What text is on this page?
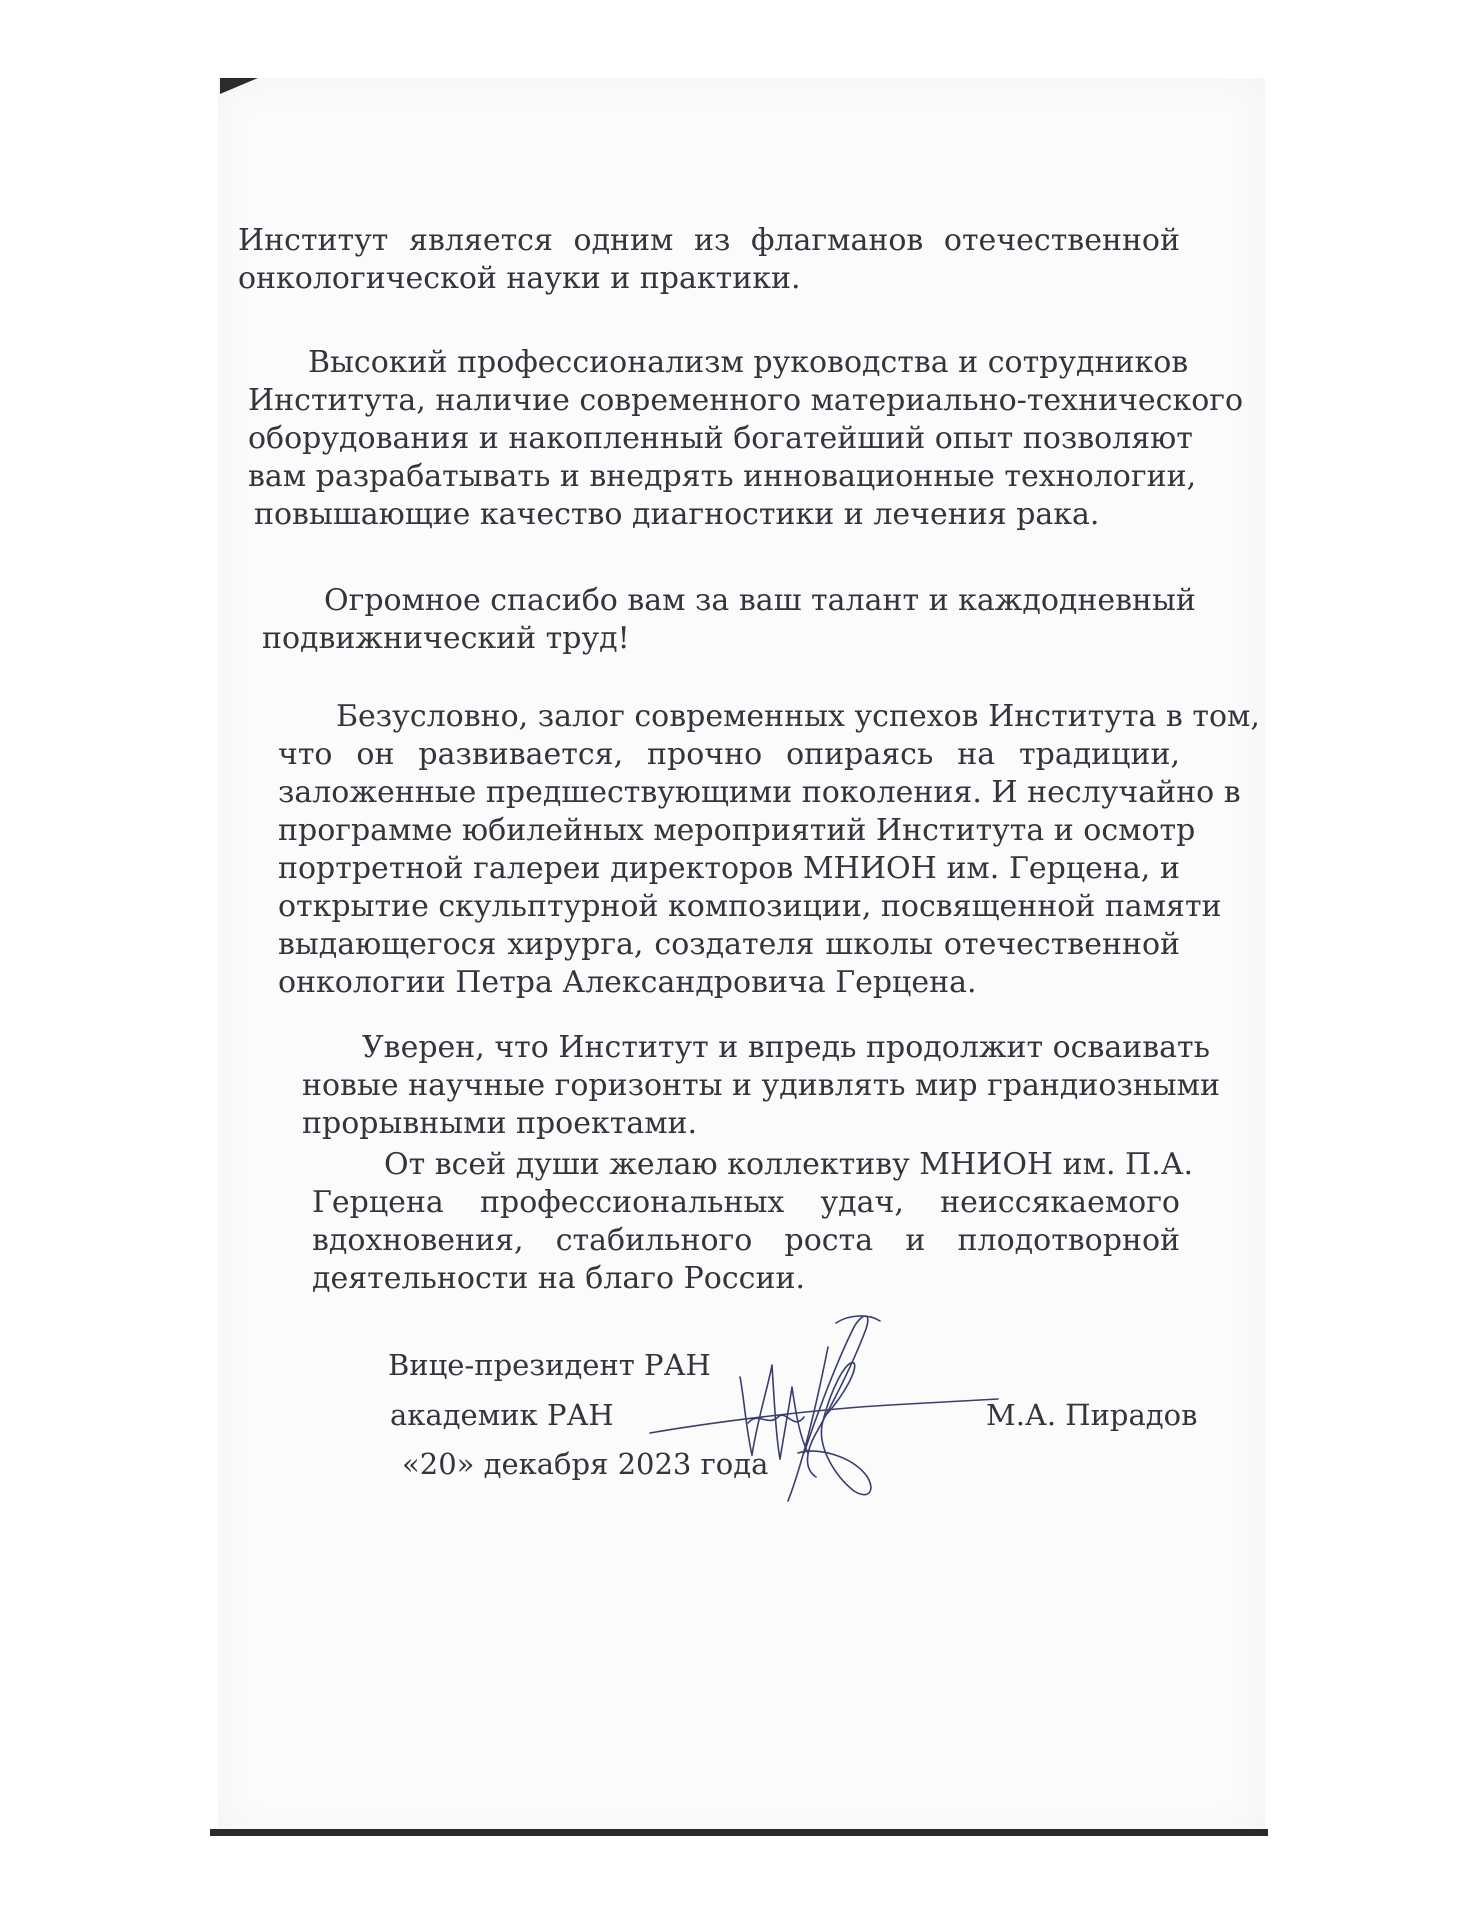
Институт является одним из флагманов отечественной
онкологической науки и практики.

Высокий профессионализм руководства и сотрудников
Института, наличие современного материально-технического
оборудования и накопленный богатейший опыт позволяют
вам разрабатывать и внедрять инновационные технологии,
повышающие качество диагностики и лечения рака.

Огромное спасибо вам за ваш талант и каждодневный
подвижнический труд!

Безусловно, залог современных успехов Института в том,
что он развивается, прочно опираясь на традиции,
заложенные предшествующими поколения. И неслучайно в
программе юбилейных мероприятий Института и осмотр
портретной галереи директоров МНИОН им. Герцена, и
открытие скульптурной композиции, посвященной памяти
выдающегося хирурга, создателя школы отечественной
онкологии Петра Александровича Герцена.

Уверен, что Институт и впредь продолжит осваивать
новые научные горизонты и удивлять мир грандиозными
прорывными проектами.

От всей души желаю коллективу МНИОН им. П.А.
Герцена профессиональных удач, неиссякаемого
вдохновения, стабильного роста и плодотворной
деятельности на благо России.

Вице-президент РАН

академик РАН

«20» декабря 2023 года

М.А. Пирадов
